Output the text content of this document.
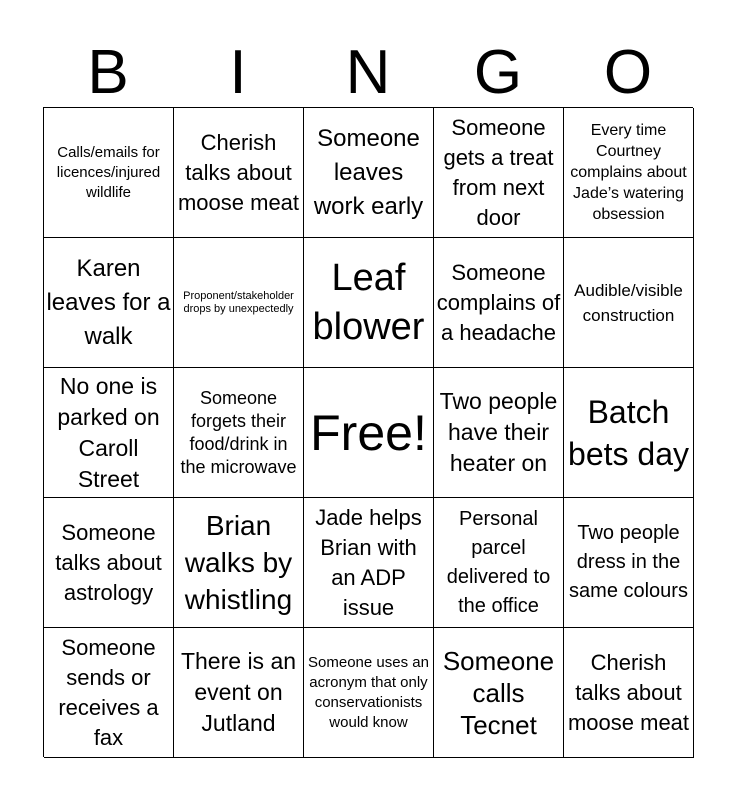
B	I	N	G	O
Calls/emails for licences/injured wildlife
Cherish talks about moose meat
Someone leaves work early
Someone gets a treat from next door
Every time Courtney complains about Jade’s watering obsession
Karen leaves for a walk
Proponent/stakeholder drops by unexpectedly
Leaf blower
Someone complains of a headache
Audible/visible construction
No one is parked on Caroll Street
Someone forgets their food/drink in the microwave
Free!
Two people have their heater on
Batch bets day
Someone talks about astrology
Brian walks by whistling
Jade helps Brian with an ADP issue
Personal parcel delivered to the office
Two people dress in the same colours
Someone sends or receives a fax
There is an event on Jutland
Someone uses an acronym that only conservationists would know
Someone calls Tecnet
Cherish talks about moose meat
